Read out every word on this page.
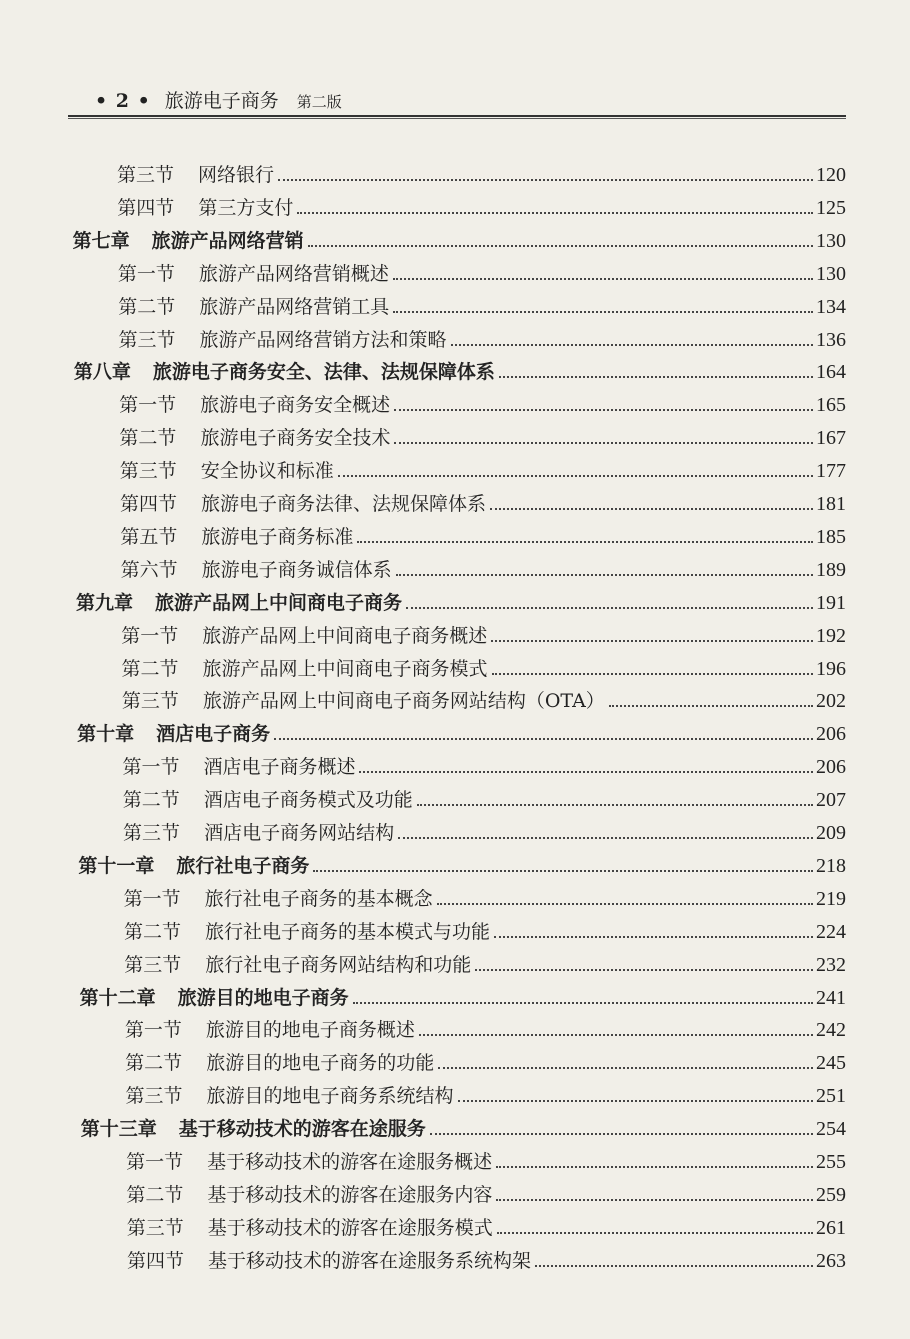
• 2 • 旅游电子商务 第二版
第三节 网络银行	120
第四节 第三方支付	125
第七章 旅游产品网络营销	130
第一节 旅游产品网络营销概述	130
第二节 旅游产品网络营销工具	134
第三节 旅游产品网络营销方法和策略	136
第八章 旅游电子商务安全、法律、法规保障体系	164
第一节 旅游电子商务安全概述	165
第二节 旅游电子商务安全技术	167
第三节 安全协议和标准	177
第四节 旅游电子商务法律、法规保障体系	181
第五节 旅游电子商务标准	185
第六节 旅游电子商务诚信体系	189
第九章 旅游产品网上中间商电子商务	191
第一节 旅游产品网上中间商电子商务概述	192
第二节 旅游产品网上中间商电子商务模式	196
第三节 旅游产品网上中间商电子商务网站结构（OTA）	202
第十章 酒店电子商务	206
第一节 酒店电子商务概述	206
第二节 酒店电子商务模式及功能	207
第三节 酒店电子商务网站结构	209
第十一章 旅行社电子商务	218
第一节 旅行社电子商务的基本概念	219
第二节 旅行社电子商务的基本模式与功能	224
第三节 旅行社电子商务网站结构和功能	232
第十二章 旅游目的地电子商务	241
第一节 旅游目的地电子商务概述	242
第二节 旅游目的地电子商务的功能	245
第三节 旅游目的地电子商务系统结构	251
第十三章 基于移动技术的游客在途服务	254
第一节 基于移动技术的游客在途服务概述	255
第二节 基于移动技术的游客在途服务内容	259
第三节 基于移动技术的游客在途服务模式	261
第四节 基于移动技术的游客在途服务系统构架	263
